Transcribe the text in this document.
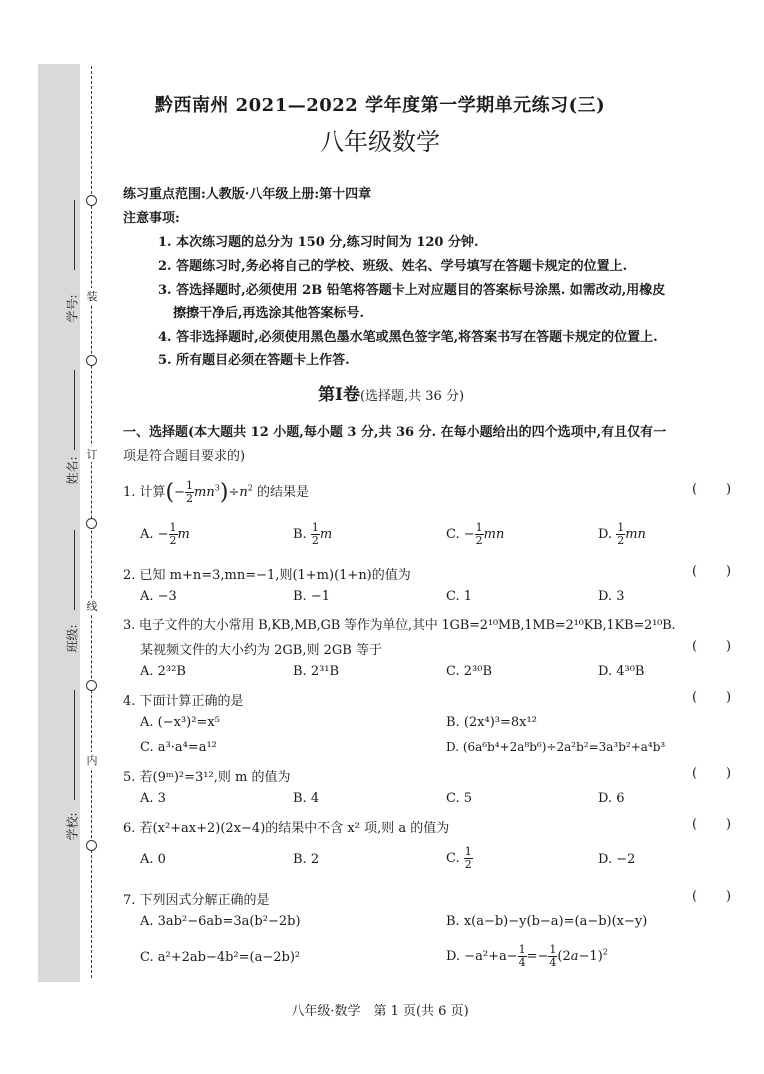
装
订
线
内
学号:
姓名:
班级:
学校:
黔西南州 2021—2022 学年度第一学期单元练习(三)
八年级数学
练习重点范围:人教版·八年级上册:第十四章
注意事项:
1. 本次练习题的总分为 150 分,练习时间为 120 分钟.
2. 答题练习时,务必将自己的学校、班级、姓名、学号填写在答题卡规定的位置上.
3. 答选择题时,必须使用 2B 铅笔将答题卡上对应题目的答案标号涂黑. 如需改动,用橡皮
擦擦干净后,再选涂其他答案标号.
4. 答非选择题时,必须使用黑色墨水笔或黑色签字笔,将答案书写在答题卡规定的位置上.
5. 所有题目必须在答题卡上作答.
第Ⅰ卷(选择题,共 36 分)
一、选择题(本大题共 12 小题,每小题 3 分,共 36 分. 在每小题给出的四个选项中,有且仅有一
项是符合题目要求的)
1. 计算(− $\frac{1}{2} mn^3)\div n^2$ 的结果是	(       )
A. − $\frac{1}{2}$ m	B. $\frac{1}{2}$ m	C. − $\frac{1}{2}$ mn	D. $\frac{1}{2}$ mn
2. 已知 m+n=3,mn=−1,则(1+m)(1+n)的值为	(       )
A. −3	B. −1	C. 1	D. 3
3. 电子文件的大小常用 B,KB,MB,GB 等作为单位,其中 1GB=2¹⁰MB,1MB=2¹⁰KB,1KB=2¹⁰B.
某视频文件的大小约为 2GB,则 2GB 等于	(       )
A. 2³²B	B. 2³¹B	C. 2³⁰B	D. 4³⁰B
4. 下面计算正确的是	(       )
A. (−x³)²=x⁵	B. (2x⁴)³=8x¹²
C. a³·a⁴=a¹²	D. (6a⁶b⁴+2a⁸b⁶)÷2a²b²=3a³b²+a⁴b³
5. 若(9ᵐ)²=3¹²,则 m 的值为	(       )
A. 3	B. 4	C. 5	D. 6
6. 若(x²+ax+2)(2x−4)的结果中不含 x² 项,则 a 的值为	(       )
A. 0	B. 2	C. $\frac{1}{2}$	D. −2
7. 下列因式分解正确的是	(       )
A. 3ab²−6ab=3a(b²−2b)	B. x(a−b)−y(b−a)=(a−b)(x−y)
C. a²+2ab−4b²=(a−2b)²	D. $-a^2+a- \frac{1}{4} =- \frac{1}{4} (2a-1)^2$
八年级·数学　第 1 页(共 6 页)
